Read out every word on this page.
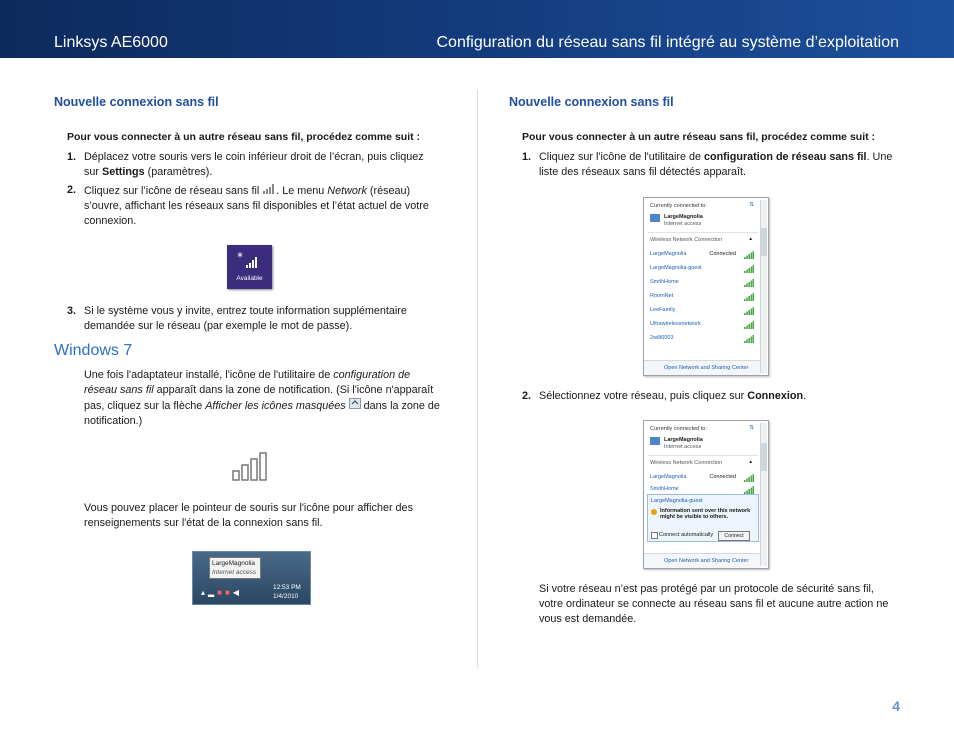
Linksys AE6000	Configuration du réseau sans fil intégré au système d’exploitation
Nouvelle connexion sans fil
Pour vous connecter à un autre réseau sans fil, procédez comme suit :
1. Déplacez votre souris vers le coin inférieur droit de l’écran, puis cliquez
sur Settings (paramètres).
2. Cliquez sur l’icône de réseau sans fil . Le menu Network (réseau)
s’ouvre, affichant les réseaux sans fil disponibles et l’état actuel de votre
connexion.
*
Available
3. Si le système vous y invite, entrez toute information supplémentaire
demandée sur le réseau (par exemple le mot de passe).
Windows 7
Une fois l'adaptateur installé, l'icône de l'utilitaire de configuration de
réseau sans fil apparaît dans la zone de notification. (Si l'icône n'apparaît
pas, cliquez sur la flèche Afficher les icônes masquées  dans la zone de
notification.)
Vous pouvez placer le pointeur de souris sur l'icône pour afficher des
renseignements sur l'état de la connexion sans fil.
LargeMagnolia
Internet access
▴▂■■◀
12:53 PM
1/4/2010
Nouvelle connexion sans fil
Pour vous connecter à un autre réseau sans fil, procédez comme suit :
1. Cliquez sur l'icône de l'utilitaire de configuration de réseau sans fil. Une
liste des réseaux sans fil détectés apparaît.
Currently connected to:	⇅
LargeMagnolia
Internet access
Wireless Network Connection	▴
LargeMagnolia	Connected
LargeMagnolia-guest
SmithHome
RoomNet
LeeFamily
Ultrawirelessnetwork
2wi86003
Open Network and Sharing Center
2. Sélectionnez votre réseau, puis cliquez sur Connexion.
Currently connected to:	⇅
LargeMagnolia
Internet access
Wireless Network Connection	▴
LargeMagnolia	Connected
SmithHome
LargeMagnolia-guest
Information sent over this network
might be visible to others.
Connect automatically	Connect
Open Network and Sharing Center
Si votre réseau n’est pas protégé par un protocole de sécurité sans fil,
votre ordinateur se connecte au réseau sans fil et aucune autre action ne
vous est demandée.
4
